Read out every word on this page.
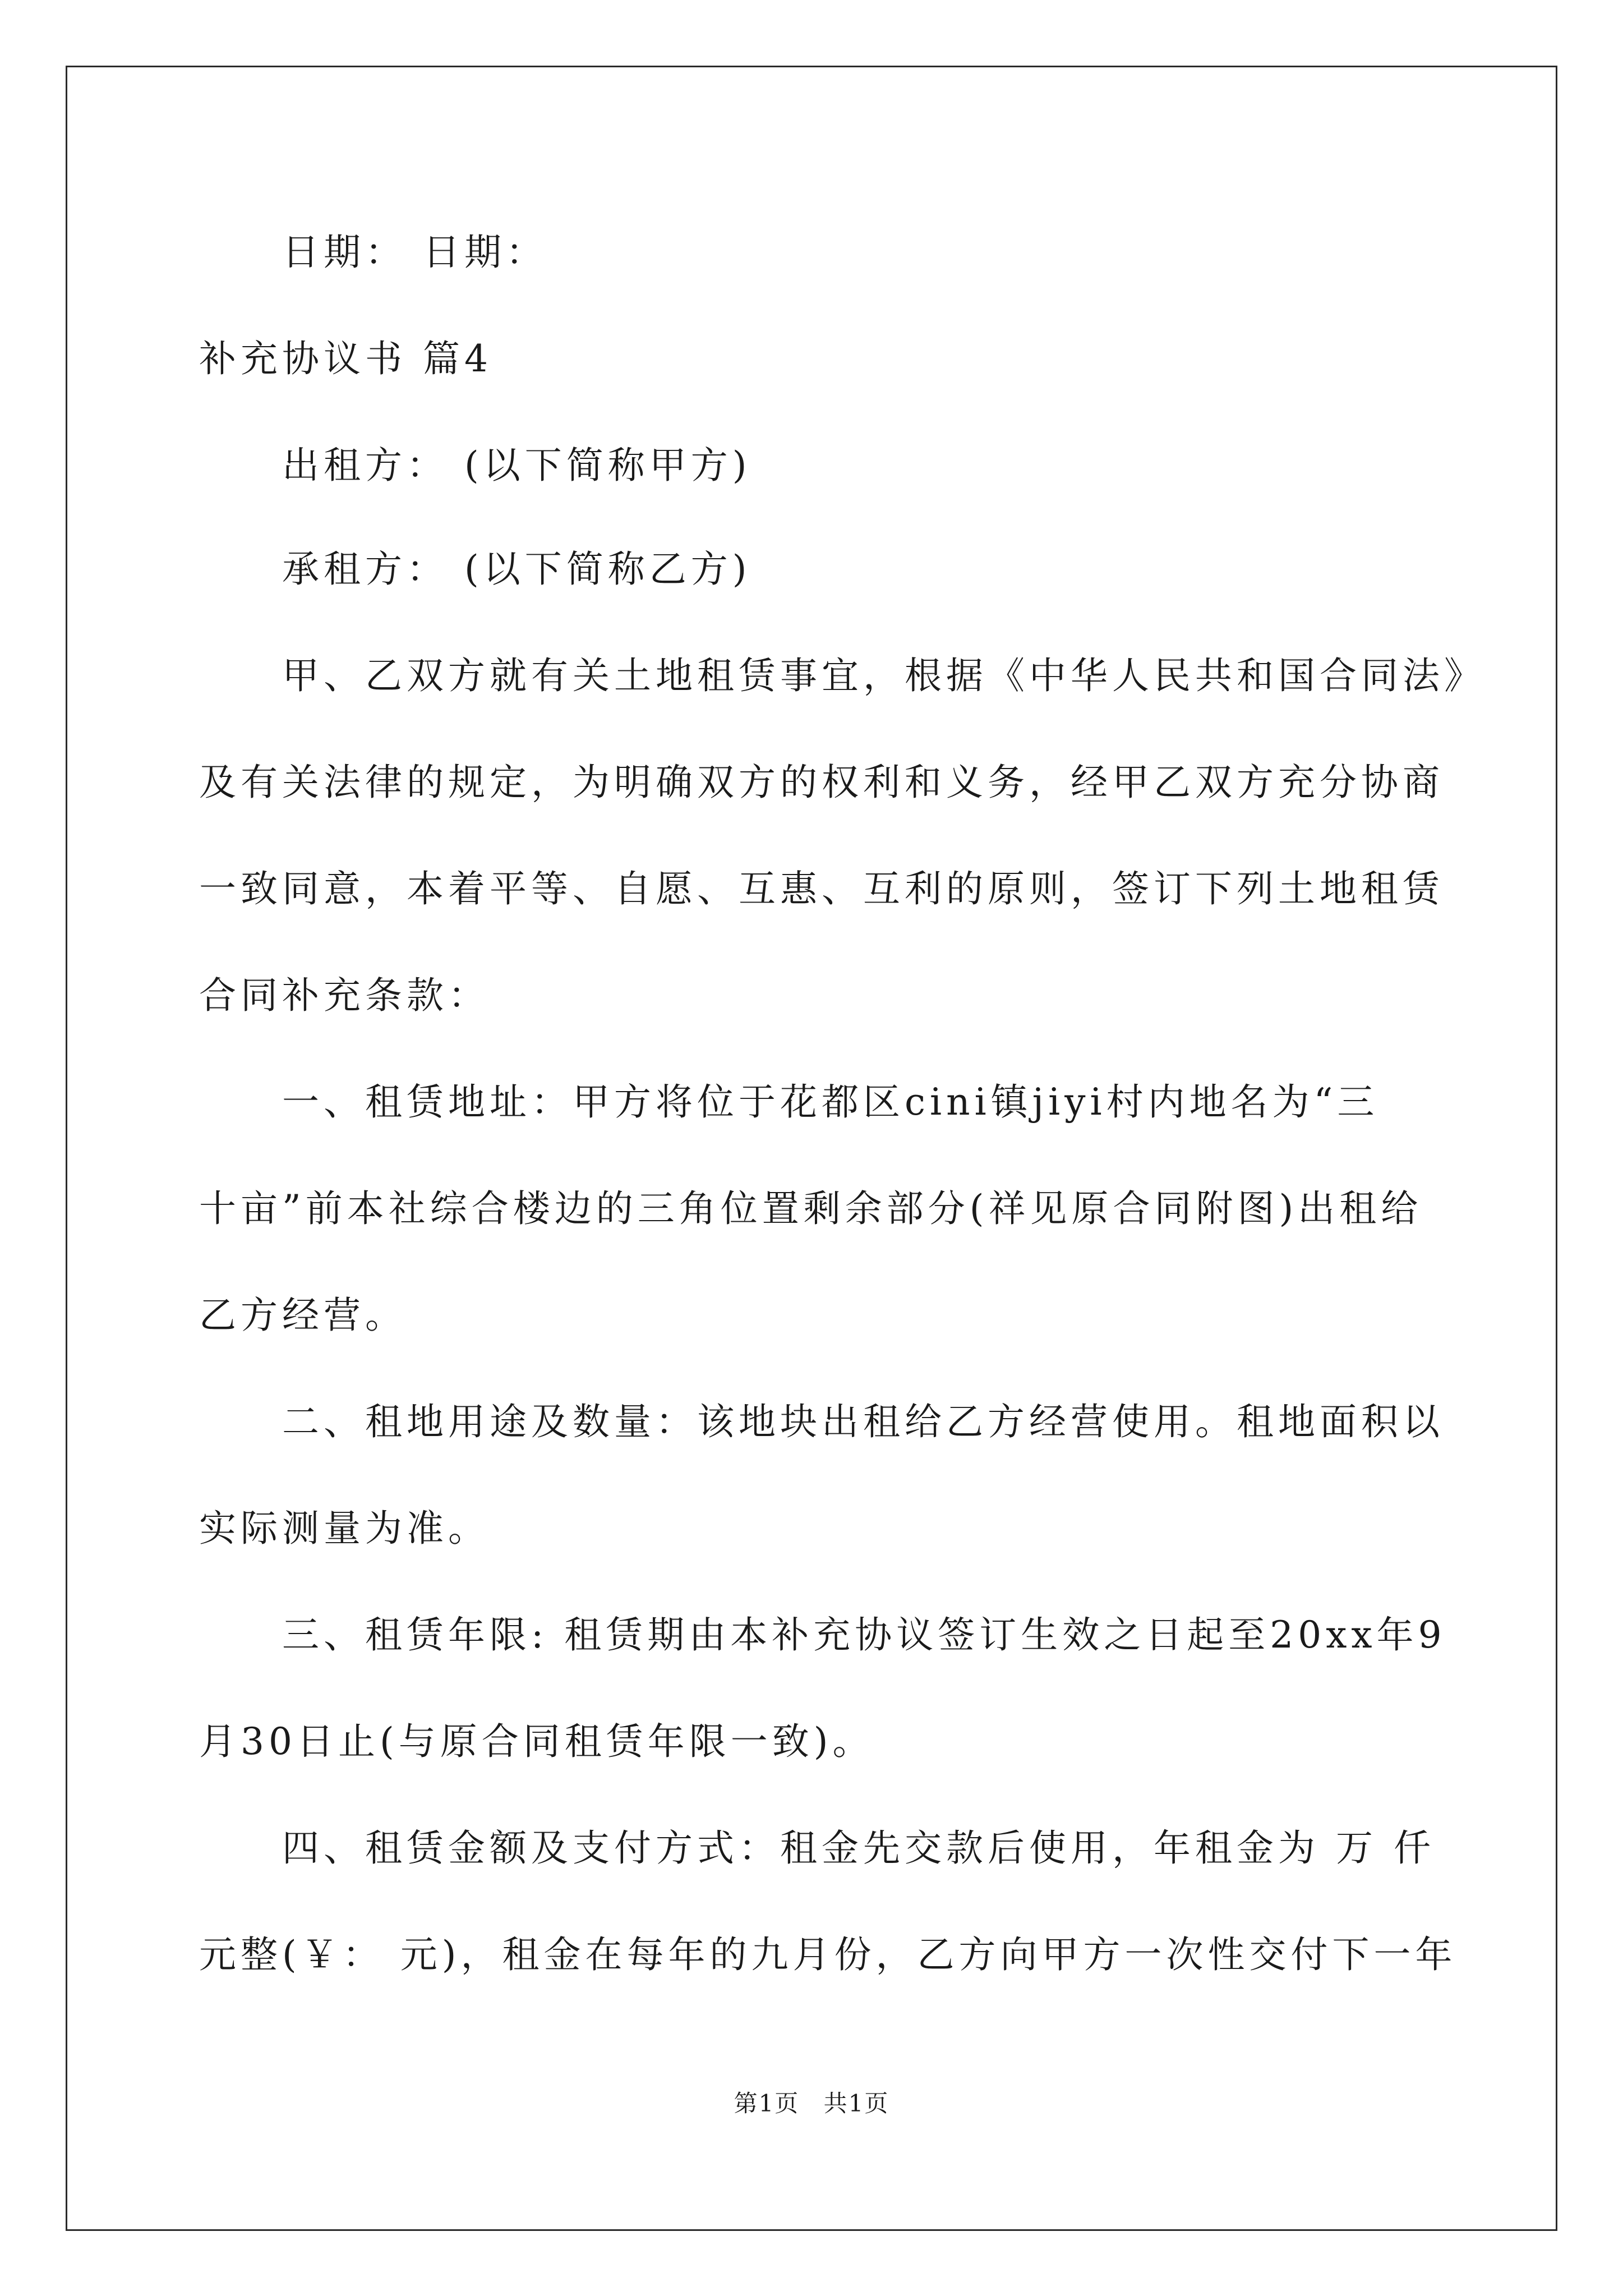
日期： 日期：
补充协议书 篇4
出租方： (以下简称甲方)
承租方： (以下简称乙方)
甲、乙双方就有关土地租赁事宜，根据《中华人民共和国合同法》
及有关法律的规定，为明确双方的权利和义务，经甲乙双方充分协商
一致同意，本着平等、自愿、互惠、互利的原则，签订下列土地租赁
合同补充条款：
一、租赁地址：甲方将位于花都区cini镇jiyi村内地名为“三
十亩”前本社综合楼边的三角位置剩余部分(祥见原合同附图)出租给
乙方经营。
二、租地用途及数量：该地块出租给乙方经营使用。租地面积以
实际测量为准。
三、租赁年限: 租赁期由本补充协议签订生效之日起至20xx年9
月30日止(与原合同租赁年限一致)。
四、租赁金额及支付方式：租金先交款后使用，年租金为 万 仟
元整(￥： 元)，租金在每年的九月份，乙方向甲方一次性交付下一年
第1页 共1页
